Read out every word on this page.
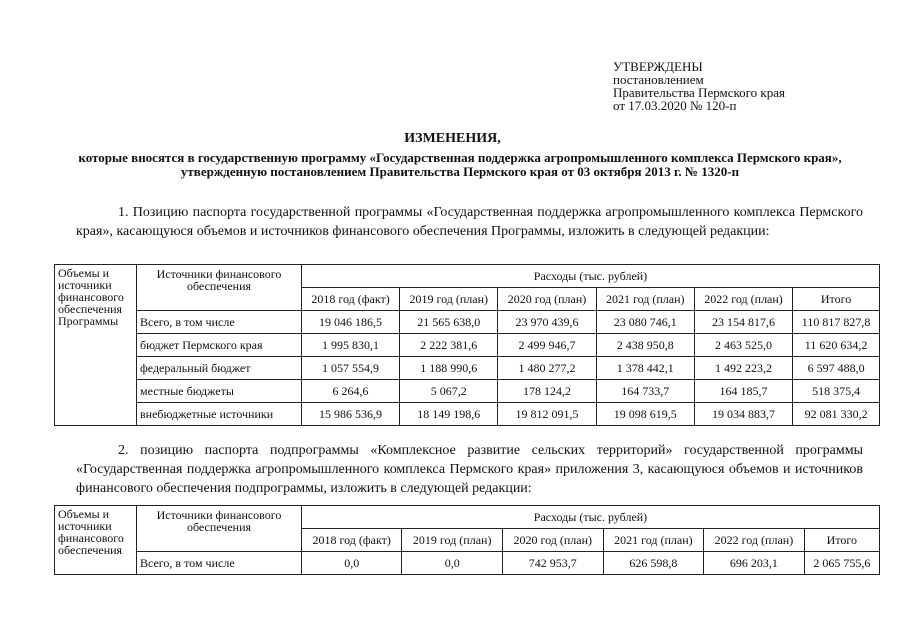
УТВЕРЖДЕНЫ
постановлением
Правительства Пермского края
от 17.03.2020 № 120-п
ИЗМЕНЕНИЯ,
которые вносятся в государственную программу «Государственная поддержка агропромышленного комплекса Пермского края», утвержденную постановлением Правительства Пермского края от 03 октября 2013 г. № 1320-п
1. Позицию паспорта государственной программы «Государственная поддержка агропромышленного комплекса Пермского края», касающуюся объемов и источников финансового обеспечения Программы, изложить в следующей редакции:
Объемы и источники финансового обеспечения Программы	Источники финансового обеспечения	Расходы (тыс. рублей)					
		2018 год (факт)	2019 год (план)	2020 год (план)	2021 год (план)	2022 год (план)	Итого
	Всего, в том числе	19 046 186,5	21 565 638,0	23 970 439,6	23 080 746,1	23 154 817,6	110 817 827,8
	бюджет Пермского края	1 995 830,1	2 222 381,6	2 499 946,7	2 438 950,8	2 463 525,0	11 620 634,2
	федеральный бюджет	1 057 554,9	1 188 990,6	1 480 277,2	1 378 442,1	1 492 223,2	6 597 488,0
	местные бюджеты	6 264,6	5 067,2	178 124,2	164 733,7	164 185,7	518 375,4
	внебюджетные источники	15 986 536,9	18 149 198,6	19 812 091,5	19 098 619,5	19 034 883,7	92 081 330,2
2. позицию паспорта подпрограммы «Комплексное развитие сельских территорий» государственной программы «Государственная поддержка агропромышленного комплекса Пермского края» приложения 3, касающуюся объемов и источников финансового обеспечения подпрограммы, изложить в следующей редакции:
Объемы и источники финансового обеспечения	Источники финансового обеспечения	Расходы (тыс. рублей)					
		2018 год (факт)	2019 год (план)	2020 год (план)	2021 год (план)	2022 год (план)	Итого
	Всего, в том числе	0,0	0,0	742 953,7	626 598,8	696 203,1	2 065 755,6
